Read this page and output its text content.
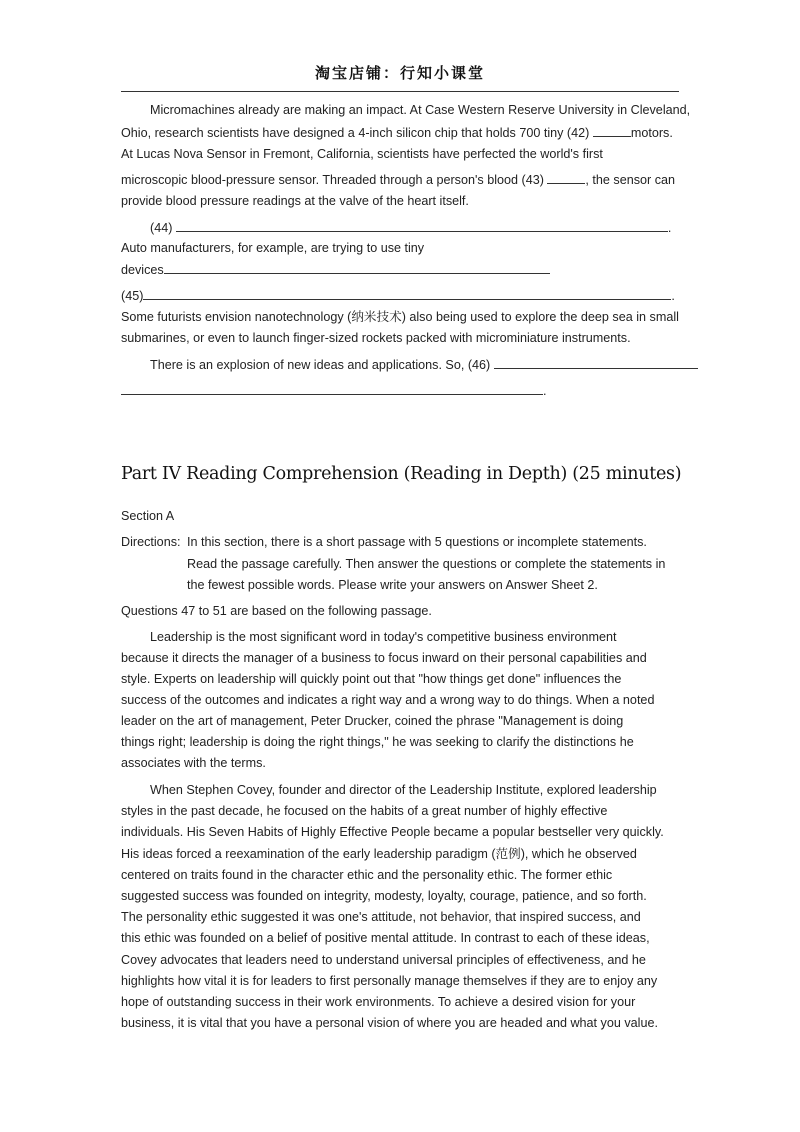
淘宝店铺：行知小课堂
Micromachines already are making an impact. At Case Western Reserve University in Cleveland,
Ohio, research scientists have designed a 4-inch silicon chip that holds 700 tiny (42)	motors.
At Lucas Nova Sensor in Fremont, California, scientists have perfected the world's first
microscopic blood-pressure sensor. Threaded through a person's blood (43)	, the sensor can
provide blood pressure readings at the valve of the heart itself.
(44)	.
Auto manufacturers, for example, are trying to use tiny
devices
(45)	.
Some futurists envision nanotechnology (纳米技术) also being used to explore the deep sea in small
submarines, or even to launch finger-sized rockets packed with microminiature instruments.
There is an explosion of new ideas and applications. So, (46)
.
Part IV Reading Comprehension (Reading in Depth) (25 minutes)
Section A
Directions: In this section, there is a short passage with 5 questions or incomplete statements.
Read the passage carefully. Then answer the questions or complete the statements in
the fewest possible words. Please write your answers on Answer Sheet 2.
Questions 47 to 51 are based on the following passage.
Leadership is the most significant word in today's competitive business environment
because it directs the manager of a business to focus inward on their personal capabilities and
style. Experts on leadership will quickly point out that "how things get done" influences the
success of the outcomes and indicates a right way and a wrong way to do things. When a noted
leader on the art of management, Peter Drucker, coined the phrase "Management is doing
things right; leadership is doing the right things," he was seeking to clarify the distinctions he
associates with the terms.
When Stephen Covey, founder and director of the Leadership Institute, explored leadership
styles in the past decade, he focused on the habits of a great number of highly effective
individuals. His Seven Habits of Highly Effective People became a popular bestseller very quickly.
His ideas forced a reexamination of the early leadership paradigm (范例), which he observed
centered on traits found in the character ethic and the personality ethic. The former ethic
suggested success was founded on integrity, modesty, loyalty, courage, patience, and so forth.
The personality ethic suggested it was one's attitude, not behavior, that inspired success, and
this ethic was founded on a belief of positive mental attitude. In contrast to each of these ideas,
Covey advocates that leaders need to understand universal principles of effectiveness, and he
highlights how vital it is for leaders to first personally manage themselves if they are to enjoy any
hope of outstanding success in their work environments. To achieve a desired vision for your
business, it is vital that you have a personal vision of where you are headed and what you value.
